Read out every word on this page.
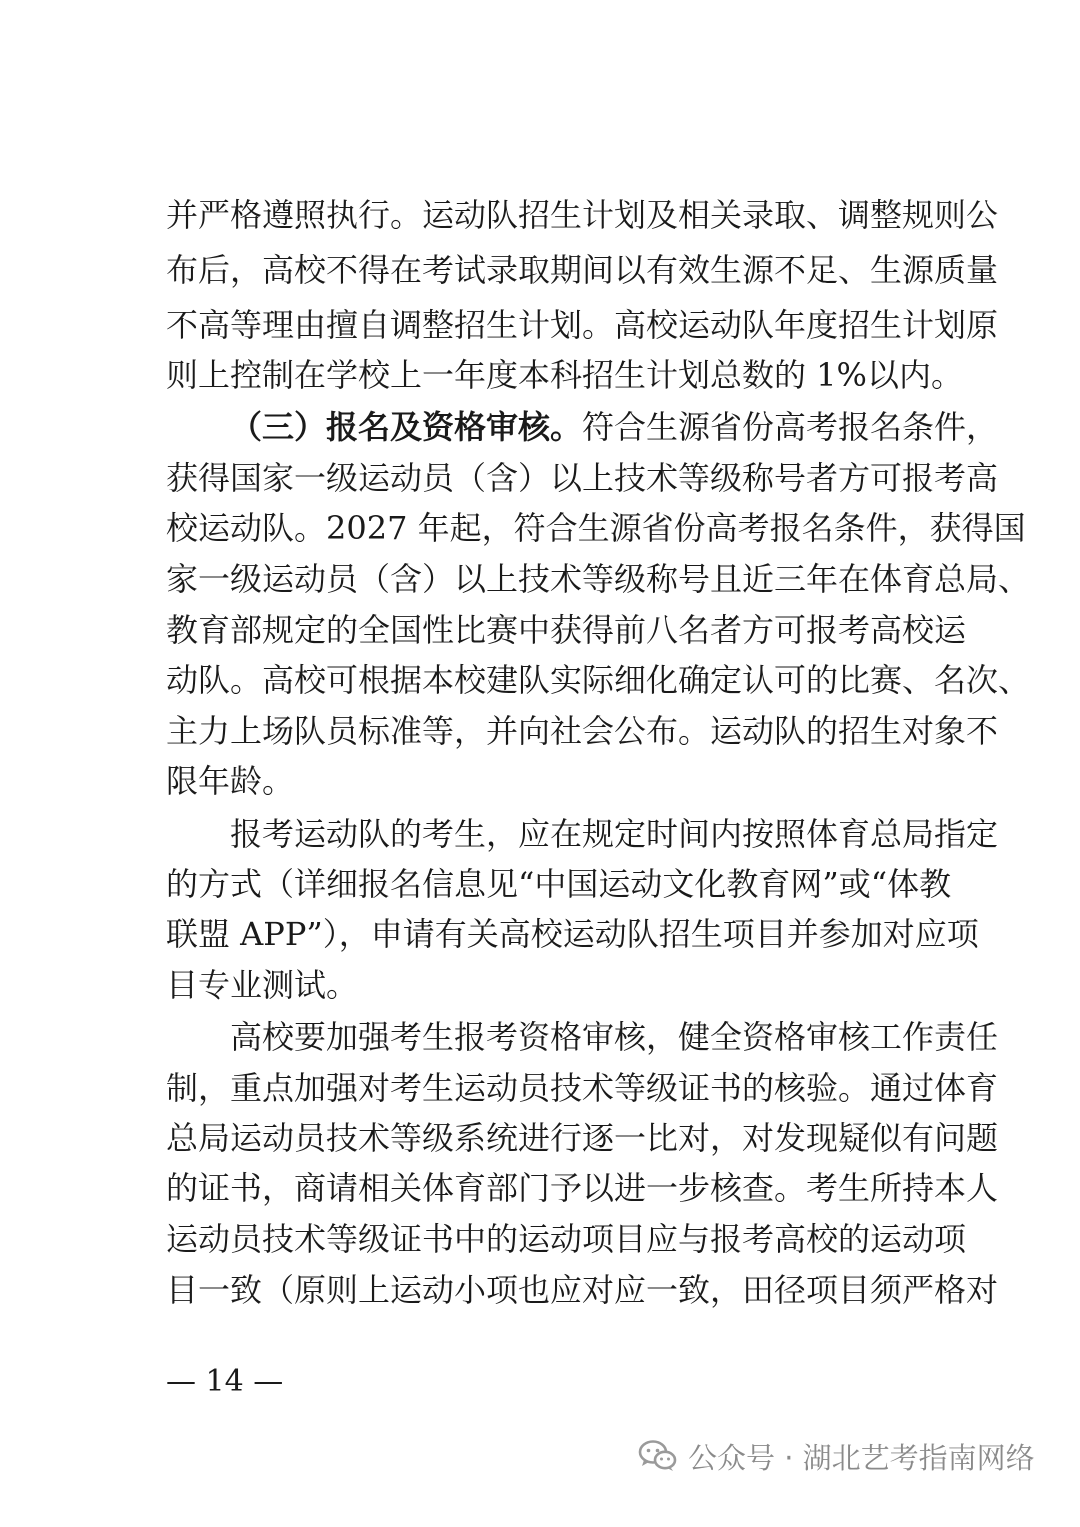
并严格遵照执行。运动队招生计划及相关录取、调整规则公
布后，高校不得在考试录取期间以有效生源不足、生源质量
不高等理由擅自调整招生计划。高校运动队年度招生计划原
则上控制在学校上一年度本科招生计划总数的 1%以内。
（三）报名及资格审核。符合生源省份高考报名条件，
获得国家一级运动员（含）以上技术等级称号者方可报考高
校运动队。2027 年起，符合生源省份高考报名条件，获得国
家一级运动员（含）以上技术等级称号且近三年在体育总局、
教育部规定的全国性比赛中获得前八名者方可报考高校运
动队。高校可根据本校建队实际细化确定认可的比赛、名次、
主力上场队员标准等，并向社会公布。运动队的招生对象不
限年龄。
报考运动队的考生，应在规定时间内按照体育总局指定
的方式（详细报名信息见“中国运动文化教育网”或“体教
联盟 APP”），申请有关高校运动队招生项目并参加对应项
目专业测试。
高校要加强考生报考资格审核，健全资格审核工作责任
制，重点加强对考生运动员技术等级证书的核验。通过体育
总局运动员技术等级系统进行逐一比对，对发现疑似有问题
的证书，商请相关体育部门予以进一步核查。考生所持本人
运动员技术等级证书中的运动项目应与报考高校的运动项
目一致（原则上运动小项也应对应一致，田径项目须严格对
— 14 —
公众号 · 湖北艺考指南网络
